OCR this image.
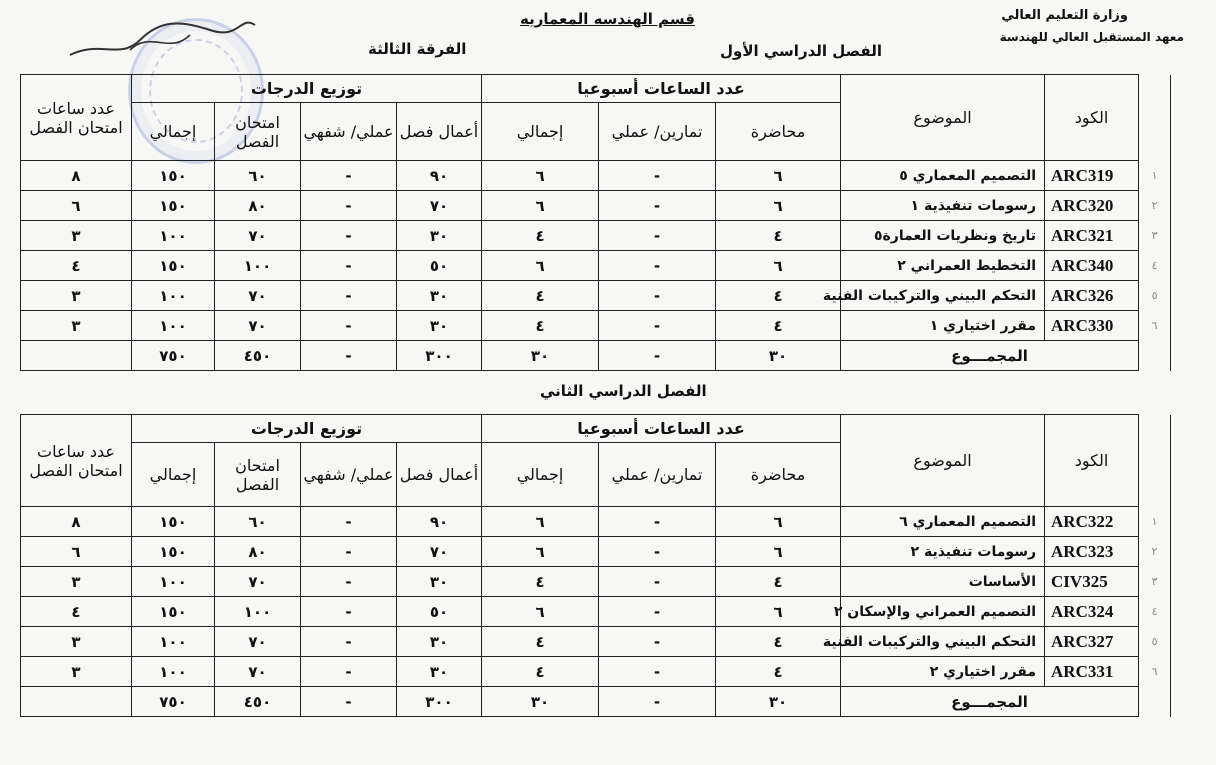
وزارة التعليم العالي
معهد المستقبل العالي للهندسة
قسم الهندسه المعماريه
الفرقة الثالثة	الفصل الدراسي الأول
الفصل الدراسي الثاني
	الكود	الموضوع	عدد الساعات أسبوعيا			توزيع الدرجات				عدد ساعات امتحان الفصل
			محاضرة	تمارين/ عملي	إجمالي	أعمال فصل	عملي/ شفهي	امتحان الفصل	إجمالي	
١	ARC319	التصميم المعماري ٥	٦	-	٦	٩٠	-	٦٠	١٥٠	٨
٢	ARC320	رسومات تنفيذية ١	٦	-	٦	٧٠	-	٨٠	١٥٠	٦
٣	ARC321	تاريخ ونظريات العمارة٥	٤	-	٤	٣٠	-	٧٠	١٠٠	٣
٤	ARC340	التخطيط العمراني ٢	٦	-	٦	٥٠	-	١٠٠	١٥٠	٤
٥	ARC326	التحكم البيني والتركيبات الفنية	٤	-	٤	٣٠	-	٧٠	١٠٠	٣
٦	ARC330	مقرر اختياري ١	٤	-	٤	٣٠	-	٧٠	١٠٠	٣
	المجمـــوع		٣٠	-	٣٠	٣٠٠	-	٤٥٠	٧٥٠	
	الكود	الموضوع	عدد الساعات أسبوعيا			توزيع الدرجات				عدد ساعات امتحان الفصل
			محاضرة	تمارين/ عملي	إجمالي	أعمال فصل	عملي/ شفهي	امتحان الفصل	إجمالي	
١	ARC322	التصميم المعماري ٦	٦	-	٦	٩٠	-	٦٠	١٥٠	٨
٢	ARC323	رسومات تنفيذية ٢	٦	-	٦	٧٠	-	٨٠	١٥٠	٦
٣	CIV325	الأساسات	٤	-	٤	٣٠	-	٧٠	١٠٠	٣
٤	ARC324	التصميم العمراني والإسكان ٢	٦	-	٦	٥٠	-	١٠٠	١٥٠	٤
٥	ARC327	التحكم البيني والتركيبات الفنية	٤	-	٤	٣٠	-	٧٠	١٠٠	٣
٦	ARC331	مقرر اختياري ٢	٤	-	٤	٣٠	-	٧٠	١٠٠	٣
	المجمـــوع		٣٠	-	٣٠	٣٠٠	-	٤٥٠	٧٥٠	
